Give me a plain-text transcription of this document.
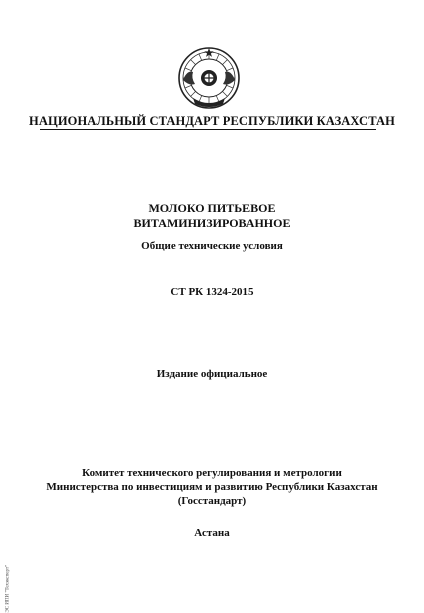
НАЦИОНАЛЬНЫЙ СТАНДАРТ РЕСПУБЛИКИ КАЗАХСТАН
МОЛОКО ПИТЬЕВОЕ
ВИТАМИНИЗИРОВАННОЕ
Общие технические условия
СТ РК 1324-2015
Издание официальное
Комитет технического регулирования и метрологии
Министерства по инвестициям и развитию Республики Казахстан
(Госстандарт)
Астана
ЭС ИПИ "Техэксперт"
